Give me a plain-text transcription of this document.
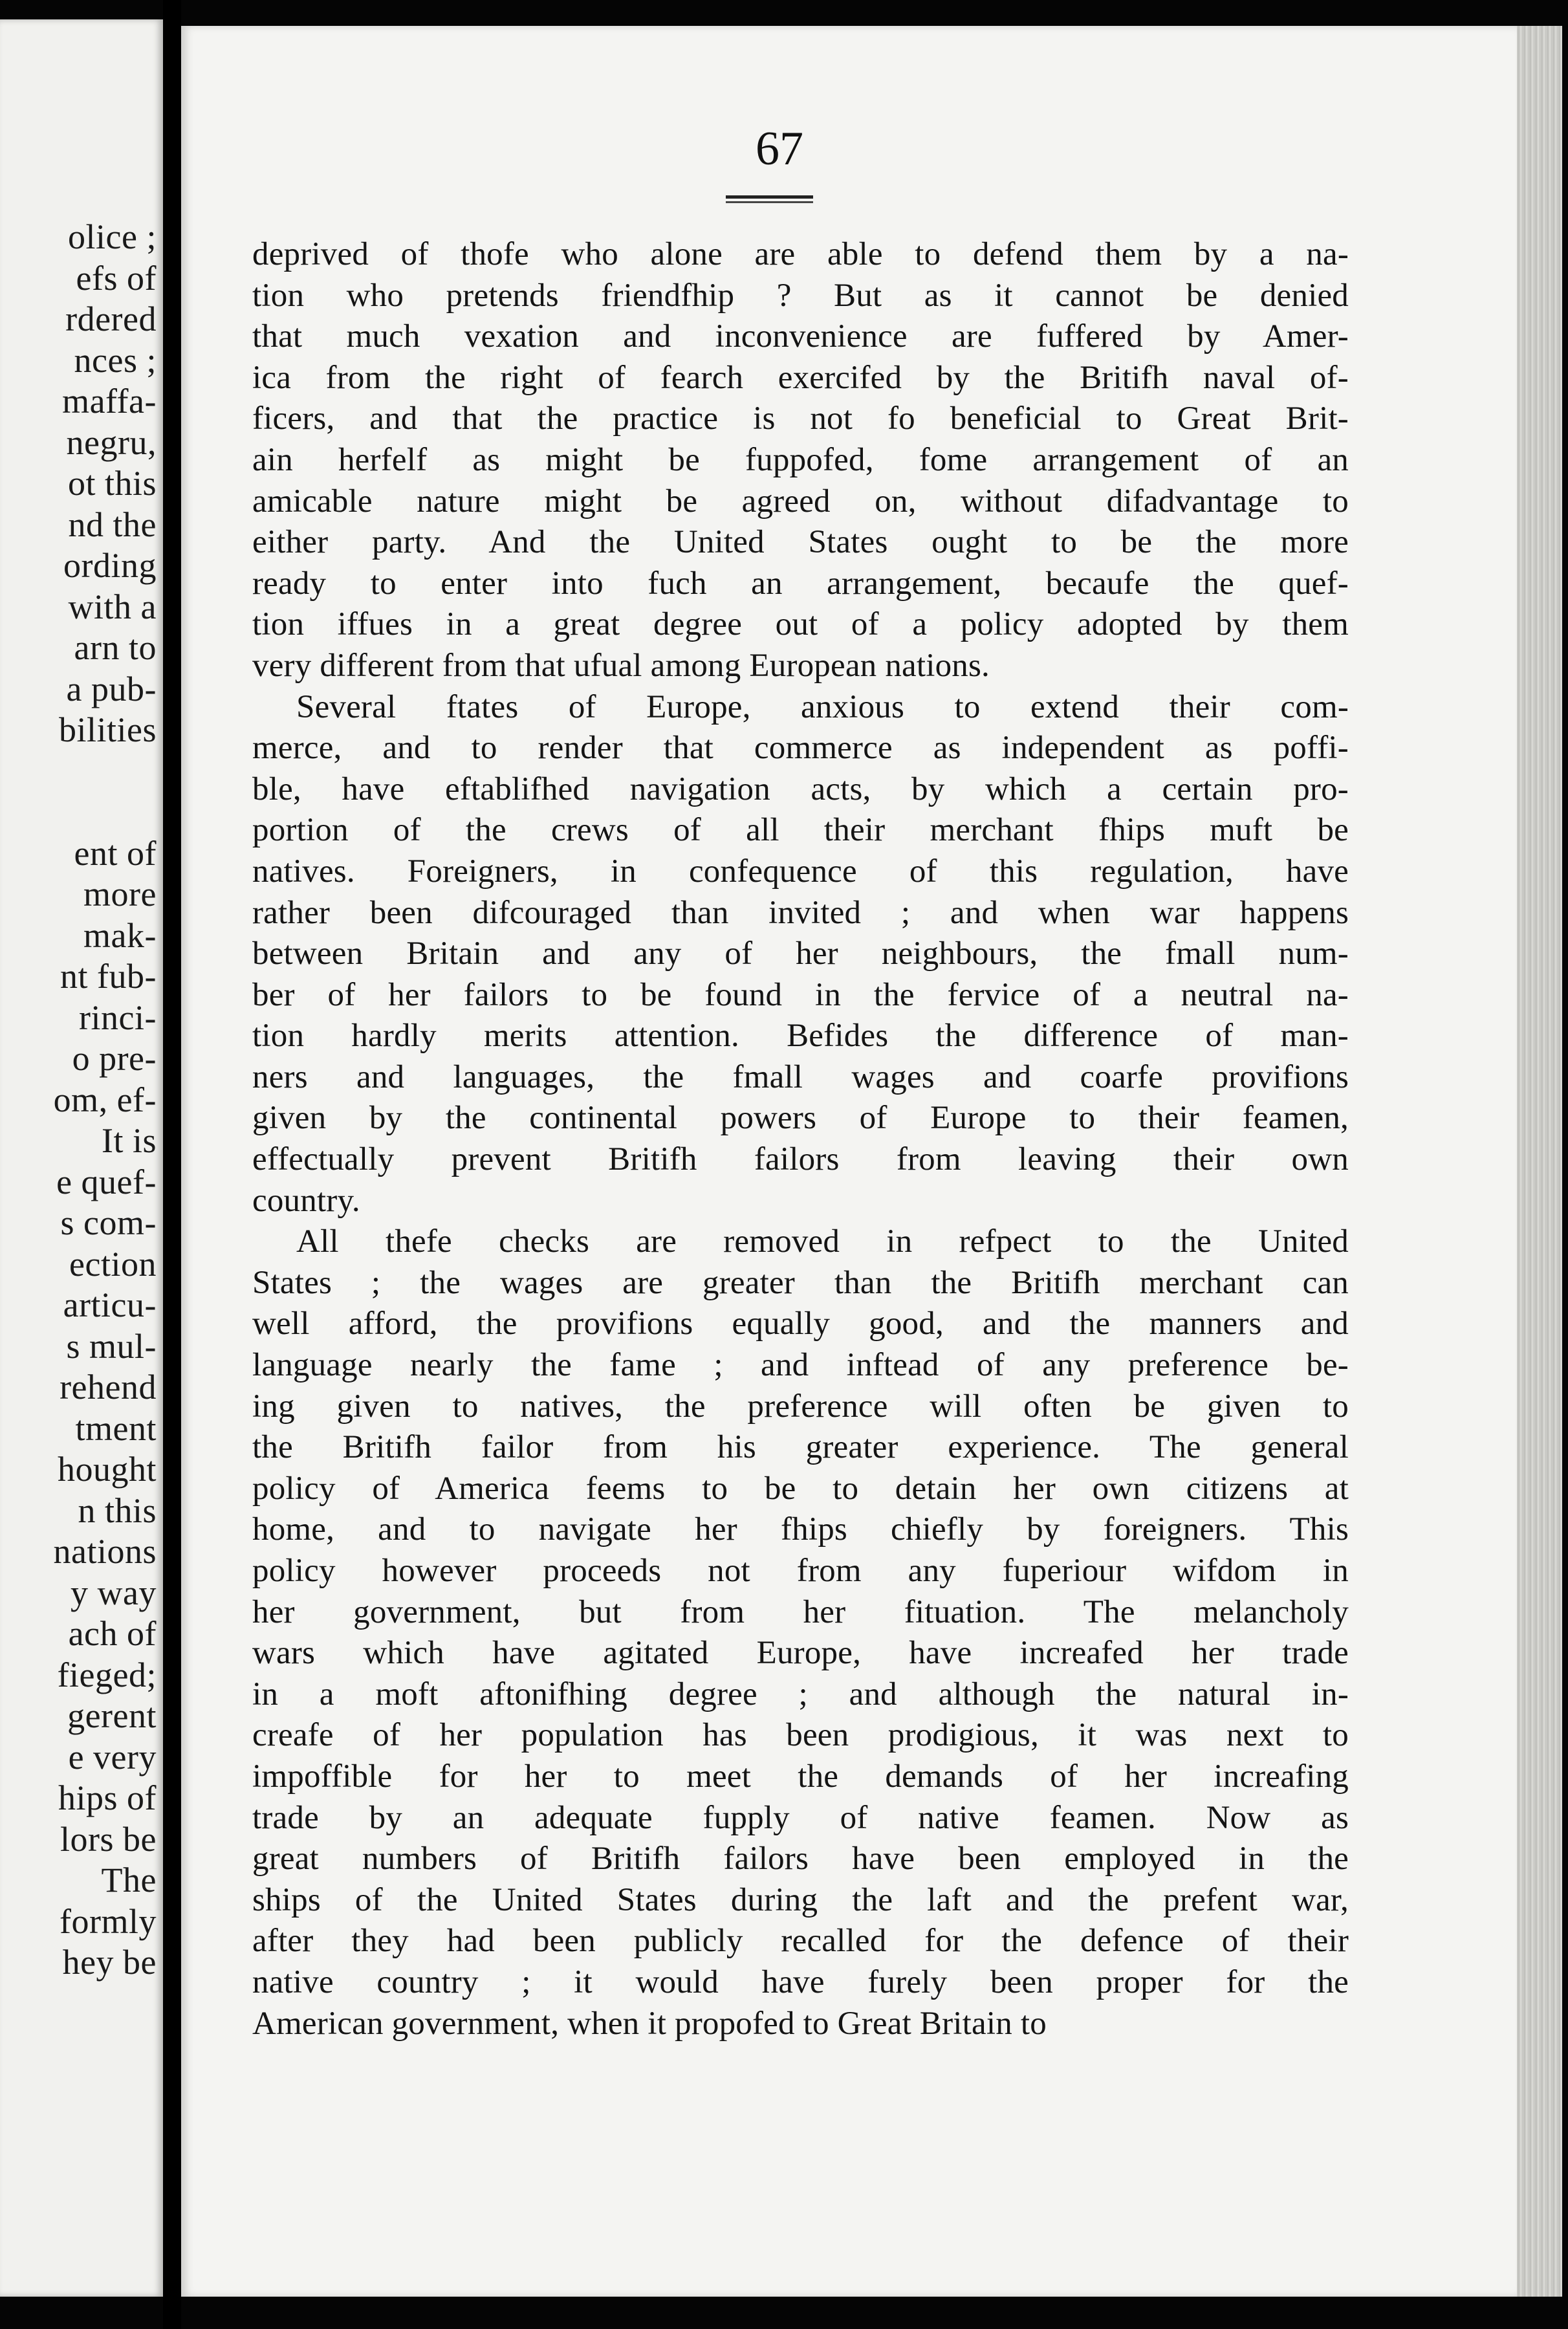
olice ;
efs of
rdered
nces ;
maffa-
negru,
ot this
nd the
ording
with a
arn to
a pub-
bilities
ent of
more
mak-
nt fub-
rinci-
o pre-
om, ef-
It is
e quef-
s com-
ection
articu-
s mul-
rehend
tment
hought
n this
nations
y way
ach of
fieged;
gerent
e very
hips of
lors be
The
formly
hey be
67
deprived of thofe who alone are able to defend them by a na-
tion who pretends friendfhip ? But as it cannot be denied
that much vexation and inconvenience are fuffered by Amer-
ica from the right of fearch exercifed by the Britifh naval of-
ficers, and that the practice is not fo beneficial to Great Brit-
ain herfelf as might be fuppofed, fome arrangement of an
amicable nature might be agreed on, without difadvantage to
either party. And the United States ought to be the more
ready to enter into fuch an arrangement, becaufe the quef-
tion iffues in a great degree out of a policy adopted by them
very different from that ufual among European nations.
Several ftates of Europe, anxious to extend their com-
merce, and to render that commerce as independent as poffi-
ble, have eftablifhed navigation acts, by which a certain pro-
portion of the crews of all their merchant fhips muft be
natives. Foreigners, in confequence of this regulation, have
rather been difcouraged than invited ; and when war happens
between Britain and any of her neighbours, the fmall num-
ber of her failors to be found in the fervice of a neutral na-
tion hardly merits attention. Befides the difference of man-
ners and languages, the fmall wages and coarfe provifions
given by the continental powers of Europe to their feamen,
effectually prevent Britifh failors from leaving their own
country.
All thefe checks are removed in refpect to the United
States ; the wages are greater than the Britifh merchant can
well afford, the provifions equally good, and the manners and
language nearly the fame ; and inftead of any preference be-
ing given to natives, the preference will often be given to
the Britifh failor from his greater experience. The general
policy of America feems to be to detain her own citizens at
home, and to navigate her fhips chiefly by foreigners. This
policy however proceeds not from any fuperiour wifdom in
her government, but from her fituation. The melancholy
wars which have agitated Europe, have increafed her trade
in a moft aftonifhing degree ; and although the natural in-
creafe of her population has been prodigious, it was next to
impoffible for her to meet the demands of her increafing
trade by an adequate fupply of native feamen. Now as
great numbers of Britifh failors have been employed in the
ships of the United States during the laft and the prefent war,
after they had been publicly recalled for the defence of their
native country ; it would have furely been proper for the
American government, when it propofed to Great Britain to
